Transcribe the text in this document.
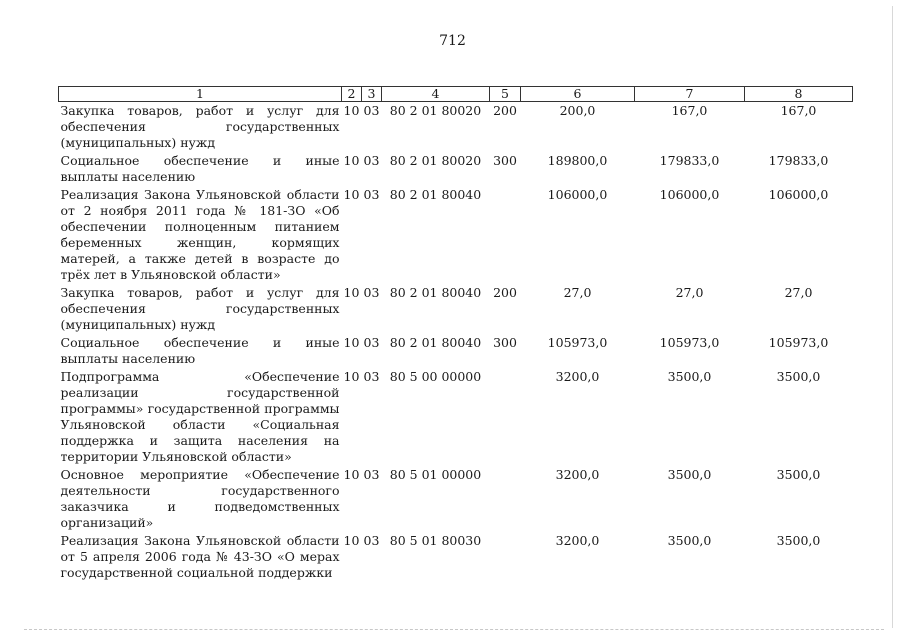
712
1	2	3	4	5	6	7	8
Закупка товаров, работ и услуг для обеспечения государственных (муниципальных) нужд	10	03	80 2 01 80020	200	200,0	167,0	167,0
Социальное обеспечение и иные выплаты населению	10	03	80 2 01 80020	300	189800,0	179833,0	179833,0
Реализация Закона Ульяновской области от 2 ноября 2011 года № 181-ЗО «Об обеспечении полноценным питанием беременных женщин, кормящих матерей, а также детей в возрасте до трёх лет в Ульяновской области»	10	03	80 2 01 80040		106000,0	106000,0	106000,0
Закупка товаров, работ и услуг для обеспечения государственных (муниципальных) нужд	10	03	80 2 01 80040	200	27,0	27,0	27,0
Социальное обеспечение и иные выплаты населению	10	03	80 2 01 80040	300	105973,0	105973,0	105973,0
Подпрограмма «Обеспечение реализации государственной программы» государственной программы Ульяновской области «Социальная поддержка и защита населения на территории Ульяновской области»	10	03	80 5 00 00000		3200,0	3500,0	3500,0
Основное мероприятие «Обеспечение деятельности государственного заказчика и подведомственных организаций»	10	03	80 5 01 00000		3200,0	3500,0	3500,0
Реализация Закона Ульяновской области от 5 апреля 2006 года № 43-ЗО «О мерах государственной социальной поддержки	10	03	80 5 01 80030		3200,0	3500,0	3500,0
